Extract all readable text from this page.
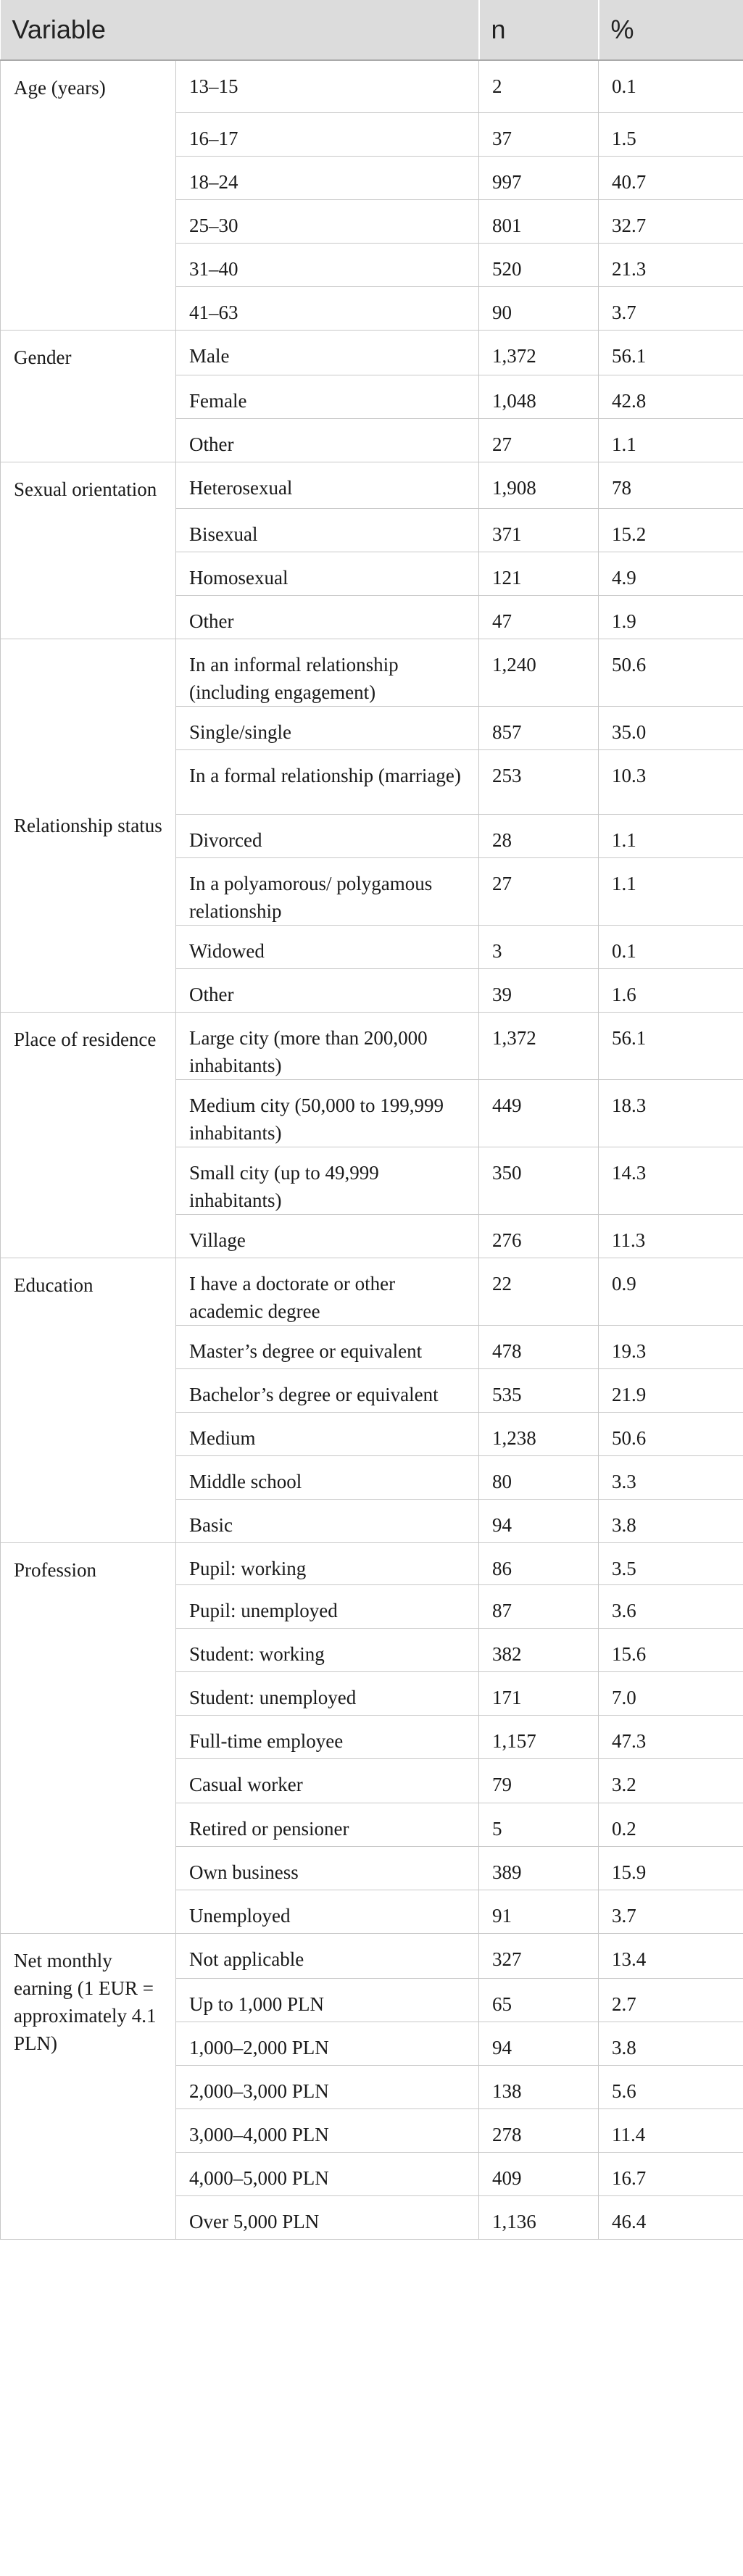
Variable		n	%
Age (years)	13–15	2	0.1
	16–17	37	1.5
	18–24	997	40.7
	25–30	801	32.7
	31–40	520	21.3
	41–63	90	3.7
Gender	Male	1,372	56.1
	Female	1,048	42.8
	Other	27	1.1
Sexual orientation	Heterosexual	1,908	78
	Bisexual	371	15.2
	Homosexual	121	4.9
	Other	47	1.9
Relationship status	In an informal relationship (including engagement)	1,240	50.6
	Single/single	857	35.0
	In a formal relationship (marriage)	253	10.3
	Divorced	28	1.1
	In a polyamorous/ polygamous relationship	27	1.1
	Widowed	3	0.1
	Other	39	1.6
Place of residence	Large city (more than 200,000 inhabitants)	1,372	56.1
	Medium city (50,000 to 199,999 inhabitants)	449	18.3
	Small city (up to 49,999 inhabitants)	350	14.3
	Village	276	11.3
Education	I have a doctorate or other academic degree	22	0.9
	Master’s degree or equivalent	478	19.3
	Bachelor’s degree or equivalent	535	21.9
	Medium	1,238	50.6
	Middle school	80	3.3
	Basic	94	3.8
Profession	Pupil: working	86	3.5
	Pupil: unemployed	87	3.6
	Student: working	382	15.6
	Student: unemployed	171	7.0
	Full-time employee	1,157	47.3
	Casual worker	79	3.2
	Retired or pensioner	5	0.2
	Own business	389	15.9
	Unemployed	91	3.7
Net monthly earning (1 EUR = approximately 4.1 PLN)	Not applicable	327	13.4
	Up to 1,000 PLN	65	2.7
	1,000–2,000 PLN	94	3.8
	2,000–3,000 PLN	138	5.6
	3,000–4,000 PLN	278	11.4
	4,000–5,000 PLN	409	16.7
	Over 5,000 PLN	1,136	46.4
